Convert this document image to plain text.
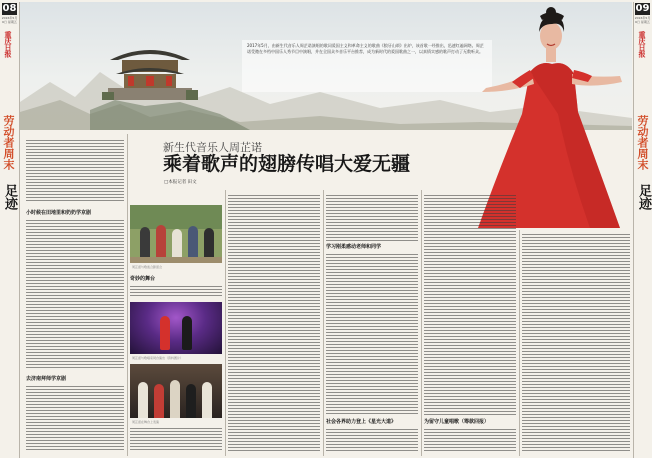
08
2016年5月6日 星期五
重庆日报
劳动者周末
足迹
09
2016年5月6日 星期五
重庆日报
劳动者周末
足迹
2017年5月，由新生代音乐人周芷诺演唱的歌词爱国主义和革命主义的歌曲《狼牙山颂》出炉，该首歌一经推出，迅速红遍网络。周芷诺受邀在多档中国乐人秀节目中演唱，并在全国众多音乐平台推荐，成为新时代的爱国歌曲之一，以真情实感的歌声打动了无数听众。
新生代音乐人周芷诺
乘着歌声的翅膀传唱大爱无疆
□本报记者 田文
小时候在田地里和奶奶学京剧
去济南拜师学京剧
周芷诺与歌迷合影留念
奇妙的舞台
周芷诺与歌唱家同台演出（资料图片）
周芷诺在舞台上表演
学习刚柔感动老师和同学
社会各界助力登上《星光大道》	为留守儿童唱歌（筹款回报）
